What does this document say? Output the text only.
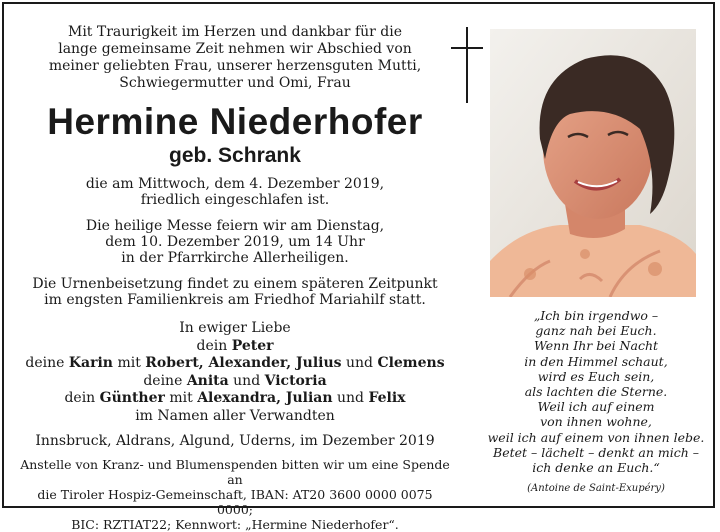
Mit Traurigkeit im Herzen und dankbar für die
lange gemeinsame Zeit nehmen wir Abschied von
meiner geliebten Frau, unserer herzensguten Mutti,
Schwiegermutter und Omi, Frau

Hermine Niederhofer
geb. Schrank

die am Mittwoch, dem 4. Dezember 2019,
friedlich eingeschlafen ist.

Die heilige Messe feiern wir am Dienstag,
dem 10. Dezember 2019, um 14 Uhr
in der Pfarrkirche Allerheiligen.

Die Urnenbeisetzung findet zu einem späteren Zeitpunkt
im engsten Familienkreis am Friedhof Mariahilf statt.

In ewiger Liebe
dein Peter
deine Karin mit Robert, Alexander, Julius und Clemens
deine Anita und Victoria
dein Günther mit Alexandra, Julian und Felix
im Namen aller Verwandten

Innsbruck, Aldrans, Algund, Uderns, im Dezember 2019

Anstelle von Kranz- und Blumenspenden bitten wir um eine Spende an
die Tiroler Hospiz-Gemeinschaft, IBAN: AT20 3600 0000 0075 0000;
BIC: RZTIAT22; Kennwort: „Hermine Niederhofer“.

„Ich bin irgendwo –
ganz nah bei Euch.
Wenn Ihr bei Nacht
in den Himmel schaut,
wird es Euch sein,
als lachten die Sterne.
Weil ich auf einem
von ihnen wohne,
weil ich auf einem von ihnen lebe.
Betet – lächelt – denkt an mich –
ich denke an Euch.“

(Antoine de Saint-Exupéry)
